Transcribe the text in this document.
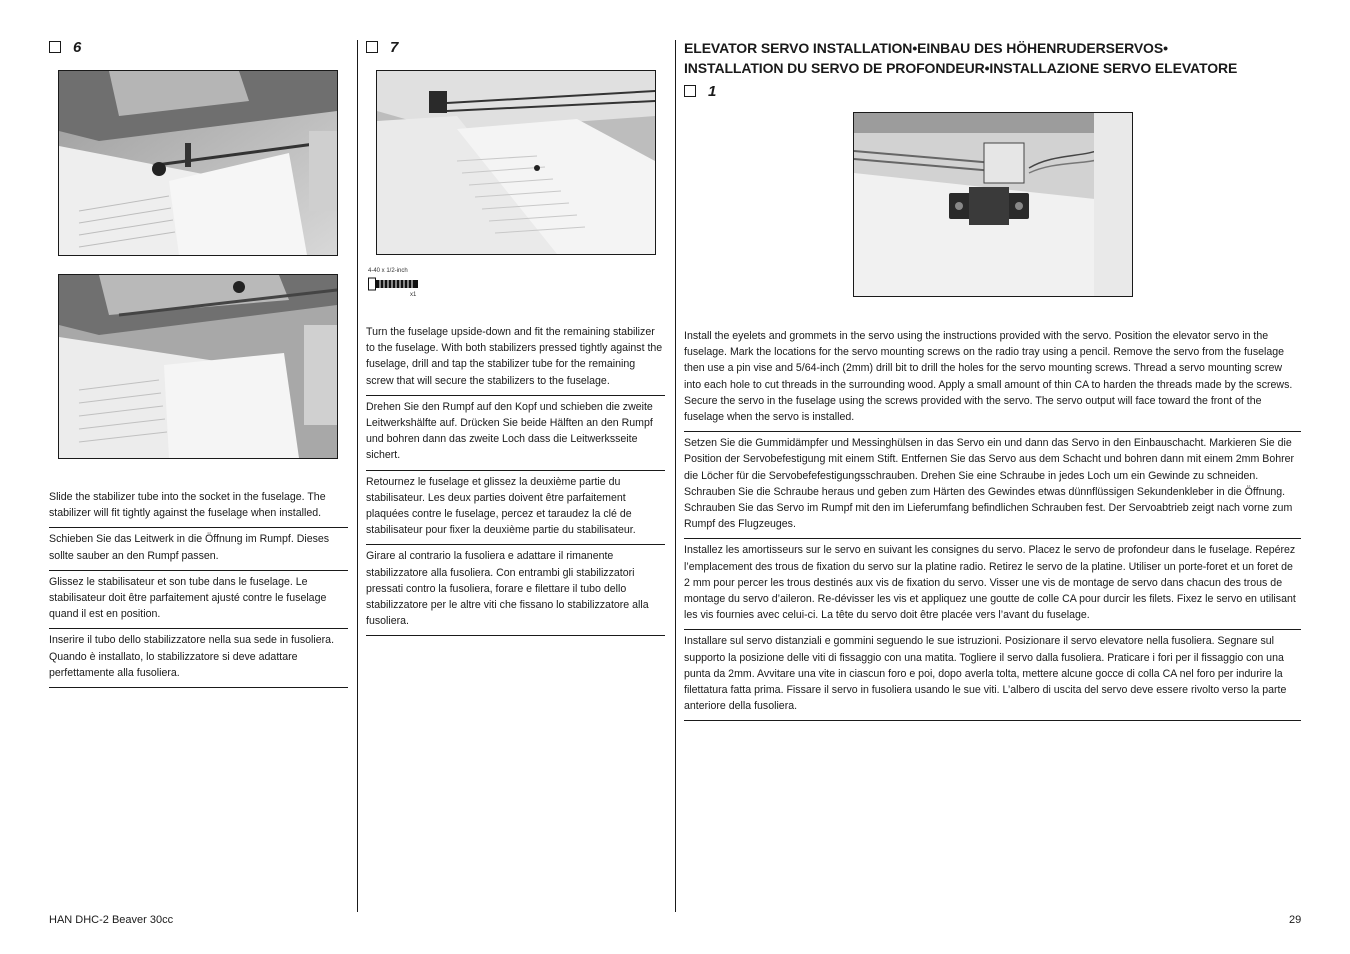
6

Slide the stabilizer tube into the socket in the fuselage. The stabilizer will fit tightly against the fuselage when installed.

Schieben Sie das Leitwerk in die Öffnung im Rumpf. Dieses sollte sauber an den Rumpf passen.

Glissez le stabilisateur et son tube dans le fuselage. Le stabilisateur doit être parfaitement ajusté contre le fuselage quand il est en position.

Inserire il tubo dello stabilizzatore nella sua sede in fusoliera. Quando è installato, lo stabilizzatore si deve adattare perfettamente alla fusoliera.

7
4-40 x 1/2-inch
x1

Turn the fuselage upside-down and fit the remaining stabilizer to the fuselage. With both stabilizers pressed tightly against the fuselage, drill and tap the stabilizer tube for the remaining screw that will secure the stabilizers to the fuselage.

Drehen Sie den Rumpf auf den Kopf und schieben die zweite Leitwerkshälfte auf. Drücken Sie beide Hälften an den Rumpf und bohren dann das zweite Loch dass die Leitwerksseite sichert.

Retournez le fuselage et glissez la deuxième partie du stabilisateur. Les deux parties doivent être parfaitement plaquées contre le fuselage, percez et taraudez la clé de stabilisateur pour fixer la deuxième partie du stabilisateur.

Girare al contrario la fusoliera e adattare il rimanente stabilizzatore alla fusoliera. Con entrambi gli stabilizzatori pressati contro la fusoliera, forare e filettare il tubo dello stabilizzatore per le altre viti che fissano lo stabilizzatore alla fusoliera.

ELEVATOR SERVO INSTALLATION•EINBAU DES HÖHENRUDERSERVOS•

INSTALLATION DU SERVO DE PROFONDEUR•INSTALLAZIONE SERVO ELEVATORE

1

Install the eyelets and grommets in the servo using the instructions provided with the servo. Position the elevator servo in the fuselage. Mark the locations for the servo mounting screws on the radio tray using a pencil. Remove the servo from the fuselage then use a pin vise and 5/64-inch (2mm) drill bit to drill the holes for the servo mounting screws. Thread a servo mounting screw into each hole to cut threads in the surrounding wood. Apply a small amount of thin CA to harden the threads made by the screws. Secure the servo in the fuselage using the screws provided with the servo. The servo output will face toward the front of the fuselage when the servo is installed.

Setzen Sie die Gummidämpfer und Messinghülsen in das Servo ein und dann das Servo in den Einbauschacht. Markieren Sie die Position der Servobefestigung mit einem Stift. Entfernen Sie das Servo aus dem Schacht und bohren dann mit einem 2mm Bohrer die Löcher für die Servobefefestigungsschrauben. Drehen Sie eine Schraube in jedes Loch um ein Gewinde zu schneiden. Schrauben Sie die Schraube heraus und geben zum Härten des Gewindes etwas dünnflüssigen Sekundenkleber in die Öffnung. Schrauben Sie das Servo im Rumpf mit den im Lieferumfang befindlichen Schrauben fest. Der Servoabtrieb zeigt nach vorne zum Rumpf des Flugzeuges.

Installez les amortisseurs sur le servo en suivant les consignes du servo. Placez le servo de profondeur dans le fuselage. Repérez l’emplacement des trous de fixation du servo sur la platine radio. Retirez le servo de la platine. Utiliser un porte-foret et un foret de 2 mm pour percer les trous destinés aux vis de fixation du servo. Visser une vis de montage de servo dans chacun des trous de montage du servo d’aileron. Re-dévisser les vis et appliquez une goutte de colle CA pour durcir les filets. Fixez le servo en utilisant les vis fournies avec celui-ci. La tête du servo doit être placée vers l’avant du fuselage.

Installare sul servo distanziali e gommini seguendo le sue istruzioni. Posizionare il servo elevatore nella fusoliera. Segnare sul supporto la posizione delle viti di fissaggio con una matita. Togliere il servo dalla fusoliera. Praticare i fori per il fissaggio con una punta da 2mm. Avvitare una vite in ciascun foro e poi, dopo averla tolta, mettere alcune gocce di colla CA nel foro per indurire la filettatura fatta prima. Fissare il servo in fusoliera usando le sue viti. L’albero di uscita del servo deve essere rivolto verso la parte anteriore della fusoliera.

HAN DHC-2 Beaver 30cc	29
